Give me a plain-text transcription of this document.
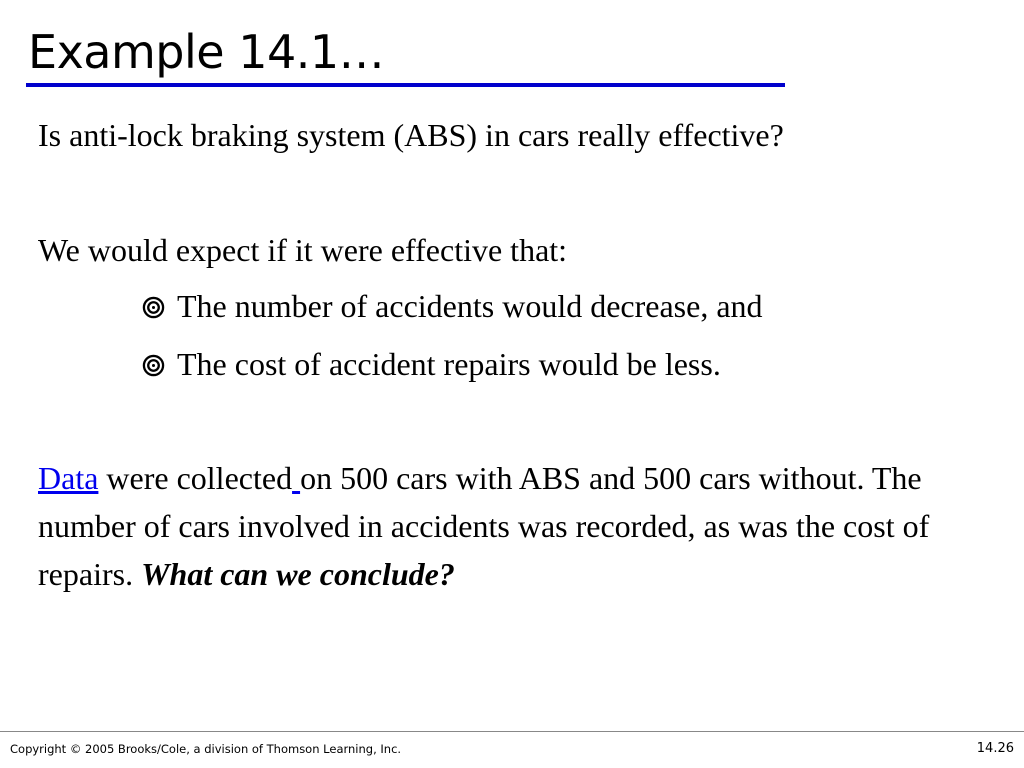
Example 14.1…

Is anti-lock braking system (ABS) in cars really effective?

We would expect if it were effective that:

The number of accidents would decrease, and
The cost of accident repairs would be less.

Data were collected on 500 cars with ABS and 500 cars without. The number of cars involved in accidents was recorded, as was the cost of repairs. What can we conclude?

Copyright © 2005 Brooks/Cole, a division of Thomson Learning, Inc.	14.26
